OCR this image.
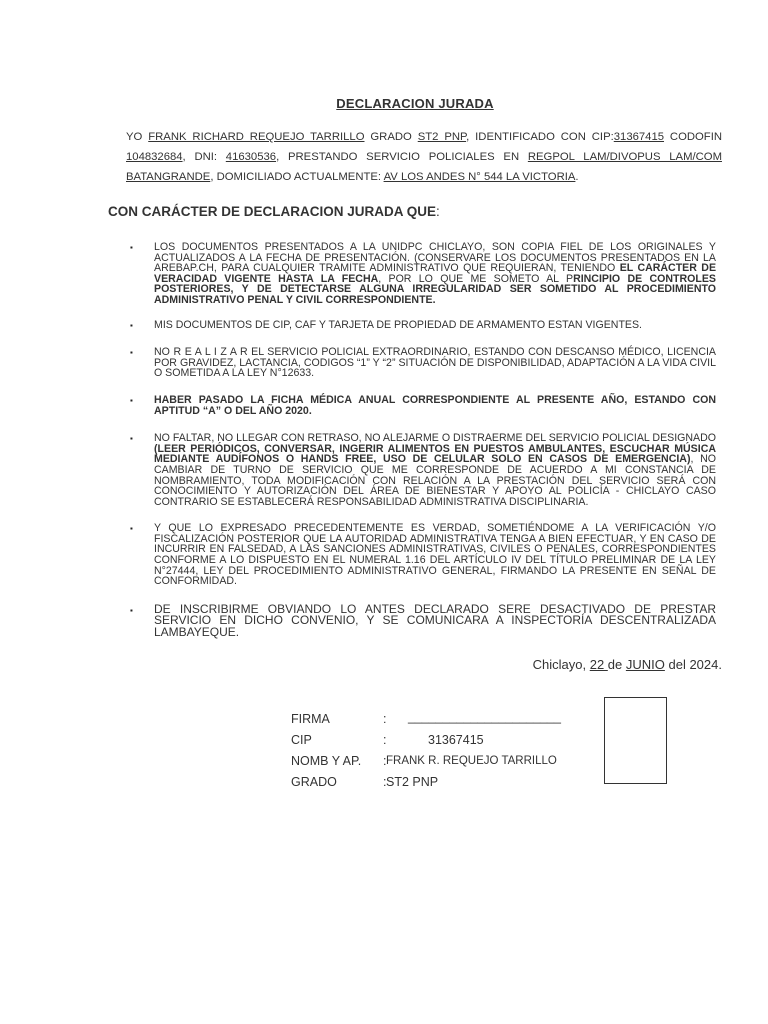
DECLARACION JURADA
YO FRANK RICHARD REQUEJO TARRILLO GRADO ST2 PNP, IDENTIFICADO CON CIP:31367415 CODOFIN 104832684, DNI: 41630536, PRESTANDO SERVICIO POLICIALES EN REGPOL LAM/DIVOPUS LAM/COM BATANGRANDE, DOMICILIADO ACTUALMENTE: AV LOS ANDES N° 544 LA VICTORIA.
CON CARÁCTER DE DECLARACION JURADA QUE:
▪ LOS DOCUMENTOS PRESENTADOS A LA UNIDPC CHICLAYO, SON COPIA FIEL DE LOS ORIGINALES Y ACTUALIZADOS A LA FECHA DE PRESENTACIÓN. (CONSERVARE LOS DOCUMENTOS PRESENTADOS EN LA AREBAP.CH, PARA CUALQUIER TRAMITE ADMINISTRATIVO QUE REQUIERAN, TENIENDO EL CARÁCTER DE VERACIDAD VIGENTE HASTA LA FECHA, POR LO QUE ME SOMETO AL PRINCIPIO DE CONTROLES POSTERIORES, Y DE DETECTARSE ALGUNA IRREGULARIDAD SER SOMETIDO AL PROCEDIMIENTO ADMINISTRATIVO PENAL Y CIVIL CORRESPONDIENTE.
▪ MIS DOCUMENTOS DE CIP, CAF Y TARJETA DE PROPIEDAD DE ARMAMENTO ESTAN VIGENTES.
▪ NO R E A L I Z A R EL SERVICIO POLICIAL EXTRAORDINARIO, ESTANDO CON DESCANSO MÉDICO, LICENCIA POR GRAVIDEZ, LACTANCIA, CODIGOS “1” Y “2” SITUACIÓN DE DISPONIBILIDAD, ADAPTACIÓN A LA VIDA CIVIL O SOMETIDA A LA LEY N°12633.
▪ HABER PASADO LA FICHA MÉDICA ANUAL CORRESPONDIENTE AL PRESENTE AÑO, ESTANDO CON APTITUD “A” O DEL AÑO 2020.
▪ NO FALTAR, NO LLEGAR CON RETRASO, NO ALEJARME O DISTRAERME DEL SERVICIO POLICIAL DESIGNADO (LEER PERIÓDICOS, CONVERSAR, INGERIR ALIMENTOS EN PUESTOS AMBULANTES, ESCUCHAR MÚSICA MEDIANTE AUDÍFONOS O HANDS FREE, USO DE CELULAR SOLO EN CASOS DE EMERGENCIA), NO CAMBIAR DE TURNO DE SERVICIO QUE ME CORRESPONDE DE ACUERDO A MI CONSTANCIA DE NOMBRAMIENTO, TODA MODIFICACIÓN CON RELACIÓN A LA PRESTACIÓN DEL SERVICIO SERÁ CON CONOCIMIENTO Y AUTORIZACIÓN DEL ÁREA DE BIENESTAR Y APOYO AL POLICÍA - CHICLAYO CASO CONTRARIO SE ESTABLECERÁ RESPONSABILIDAD ADMINISTRATIVA DISCIPLINARIA.
▪ Y QUE LO EXPRESADO PRECEDENTEMENTE ES VERDAD, SOMETIÉNDOME A LA VERIFICACIÓN Y/O FISCALIZACIÓN POSTERIOR QUE LA AUTORIDAD ADMINISTRATIVA TENGA A BIEN EFECTUAR, Y EN CASO DE INCURRIR EN FALSEDAD, A LAS SANCIONES ADMINISTRATIVAS, CIVILES O PENALES, CORRESPONDIENTES CONFORME A LO DISPUESTO EN EL NUMERAL 1.16 DEL ARTÍCULO IV DEL TÍTULO PRELIMINAR DE LA LEY N°27444, LEY DEL PROCEDIMIENTO ADMINISTRATIVO GENERAL, FIRMANDO LA PRESENTE EN SEÑAL DE CONFORMIDAD.
▪ DE INSCRIBIRME OBVIANDO LO ANTES DECLARADO SERE DESACTIVADO DE PRESTAR SERVICIO EN DICHO CONVENIO, Y SE COMUNICARA A INSPECTORÍA DESCENTRALIZADA LAMBAYEQUE.
Chiclayo, 22 de JUNIO del 2024.
FIRMA	: ______________________
CIP	:	31367415
NOMB Y AP. : FRANK R. REQUEJO TARRILLO
GRADO	: ST2 PNP
